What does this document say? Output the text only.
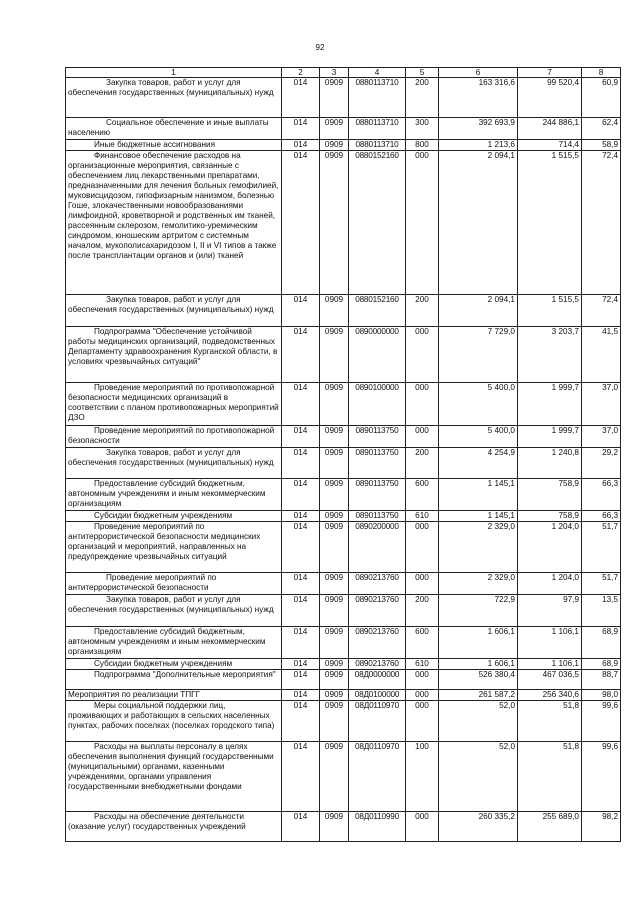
92
1	2	3	4	5	6	7	8
Закупка товаров, работ и услуг для обеспечения государственных (муниципальных) нужд	014	0909	0880113710	200	163 316,6	99 520,4	60,9
Социальное обеспечение и иные выплаты населению	014	0909	0880113710	300	392 693,9	244 886,1	62,4
Иные бюджетные ассигнования	014	0909	0880113710	800	1 213,6	714,4	58,9
Финансовое обеспечение расходов на организационные мероприятия, связанные с обеспечением лиц лекарственными препаратами, предназначенными для лечения больных гемофилией, муковисцидозом, гипофизарным нанизмом, болезнью Гоше, злокачественными новообразованиями лимфоидной, кроветворной и родственных им тканей, рассеянным склерозом, гемолитико-уремическим синдромом, юношеским артритом с системным началом, мукополисахаридозом I, II и VI типов а также после трансплантации органов и (или) тканей	014	0909	0880152160	000	2 094,1	1 515,5	72,4
Закупка товаров, работ и услуг для обеспечения государственных (муниципальных) нужд	014	0909	0880152160	200	2 094,1	1 515,5	72,4
Подпрограмма "Обеспечение устойчивой работы медицинских организаций, подведомственных Департаменту здравоохранения Курганской области, в условиях чрезвычайных ситуаций"	014	0909	0890000000	000	7 729,0	3 203,7	41,5
Проведение мероприятий по противопожарной безопасности медицинских организаций в соответствии с планом противопожарных мероприятий ДЗО	014	0909	0890100000	000	5 400,0	1 999,7	37,0
Проведение мероприятий по противопожарной безопасности	014	0909	0890113750	000	5 400,0	1 999,7	37,0
Закупка товаров, работ и услуг для обеспечения государственных (муниципальных) нужд	014	0909	0890113750	200	4 254,9	1 240,8	29,2
Предоставление субсидий бюджетным, автономным учреждениям и иным некоммерческим организациям	014	0909	0890113750	600	1 145,1	758,9	66,3
Субсидии бюджетным учреждениям	014	0909	0890113750	610	1 145,1	758,9	66,3
Проведение мероприятий по антитеррористической безопасности медицинских организаций и мероприятий, направленных на предупреждение чрезвычайных ситуаций	014	0909	0890200000	000	2 329,0	1 204,0	51,7
Проведение мероприятий по антитеррористической безопасности	014	0909	0890213760	000	2 329,0	1 204,0	51,7
Закупка товаров, работ и услуг для обеспечения государственных (муниципальных) нужд	014	0909	0890213760	200	722,9	97,9	13,5
Предоставление субсидий бюджетным, автономным учреждениям и иным некоммерческим организациям	014	0909	0890213760	600	1 606,1	1 106,1	68,9
Субсидии бюджетным учреждениям	014	0909	0890213760	610	1 606,1	1 106,1	68,9
Подпрограмма "Дополнительные мероприятия"	014	0909	08Д0000000	000	526 380,4	467 036,5	88,7
Мероприятия по реализации ТПГГ	014	0909	08Д0100000	000	261 587,2	256 340,6	98,0
Меры социальной поддержки лиц, проживающих и работающих в сельских населенных пунктах, рабочих поселках (поселках городского типа)	014	0909	08Д0110970	000	52,0	51,8	99,6
Расходы на выплаты персоналу в целях обеспечения выполнения функций государственными (муниципальными) органами, казенными учреждениями, органами управления государственными внебюджетными фондами	014	0909	08Д0110970	100	52,0	51,8	99,6
Расходы на обеспечение деятельности (оказание услуг) государственных учреждений	014	0909	08Д0110990	000	260 335,2	255 689,0	98,2
